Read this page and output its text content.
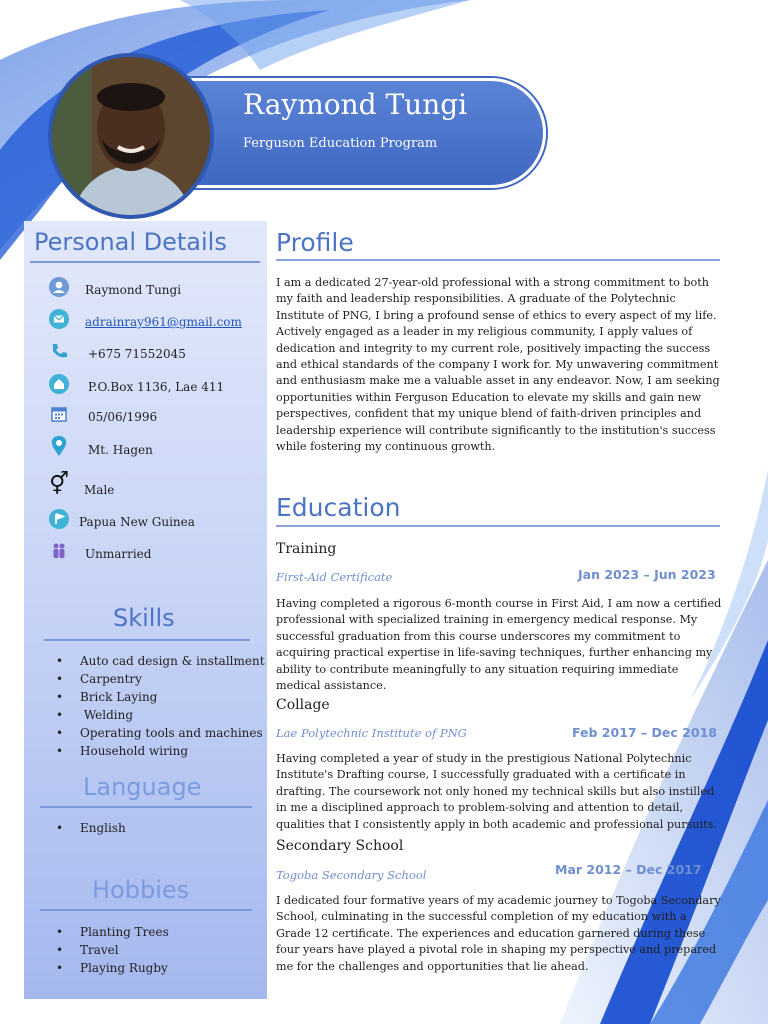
Raymond Tungi
Ferguson Education Program
Personal Details
Raymond Tungi
adrainray961@gmail.com
+675 71552045
P.O.Box 1136, Lae 411
05/06/1996
Mt. Hagen
⚥ Male
Papua New Guinea
Unmarried
Skills
• Auto cad design & installment
• Carpentry
• Brick Laying
•  Welding
• Operating tools and machines
• Household wiring
Language
• English
Hobbies
• Planting Trees
• Travel
• Playing Rugby
Profile
I am a dedicated 27-year-old professional with a strong commitment to both my faith and leadership responsibilities. A graduate of the Polytechnic Institute of PNG, I bring a profound sense of ethics to every aspect of my life. Actively engaged as a leader in my religious community, I apply values of dedication and integrity to my current role, positively impacting the success and ethical standards of the company I work for. My unwavering commitment and enthusiasm make me a valuable asset in any endeavor. Now, I am seeking opportunities within Ferguson Education to elevate my skills and gain new perspectives, confident that my unique blend of faith-driven principles and leadership experience will contribute significantly to the institution's success while fostering my continuous growth.
Education
Training
First-Aid Certificate	Jan 2023 – Jun 2023
Having completed a rigorous 6-month course in First Aid, I am now a certified professional with specialized training in emergency medical response. My successful graduation from this course underscores my commitment to acquiring practical expertise in life-saving techniques, further enhancing my ability to contribute meaningfully to any situation requiring immediate medical assistance.
Collage
Lae Polytechnic Institute of PNG	Feb 2017 – Dec 2018
Having completed a year of study in the prestigious National Polytechnic Institute's Drafting course, I successfully graduated with a certificate in drafting. The coursework not only honed my technical skills but also instilled in me a disciplined approach to problem-solving and attention to detail, qualities that I consistently apply in both academic and professional pursuits.
Secondary School
Togoba Secondary School	Mar 2012 – Dec 2017
I dedicated four formative years of my academic journey to Togoba Secondary School, culminating in the successful completion of my education with a Grade 12 certificate. The experiences and education garnered during these four years have played a pivotal role in shaping my perspective and prepared me for the challenges and opportunities that lie ahead.
